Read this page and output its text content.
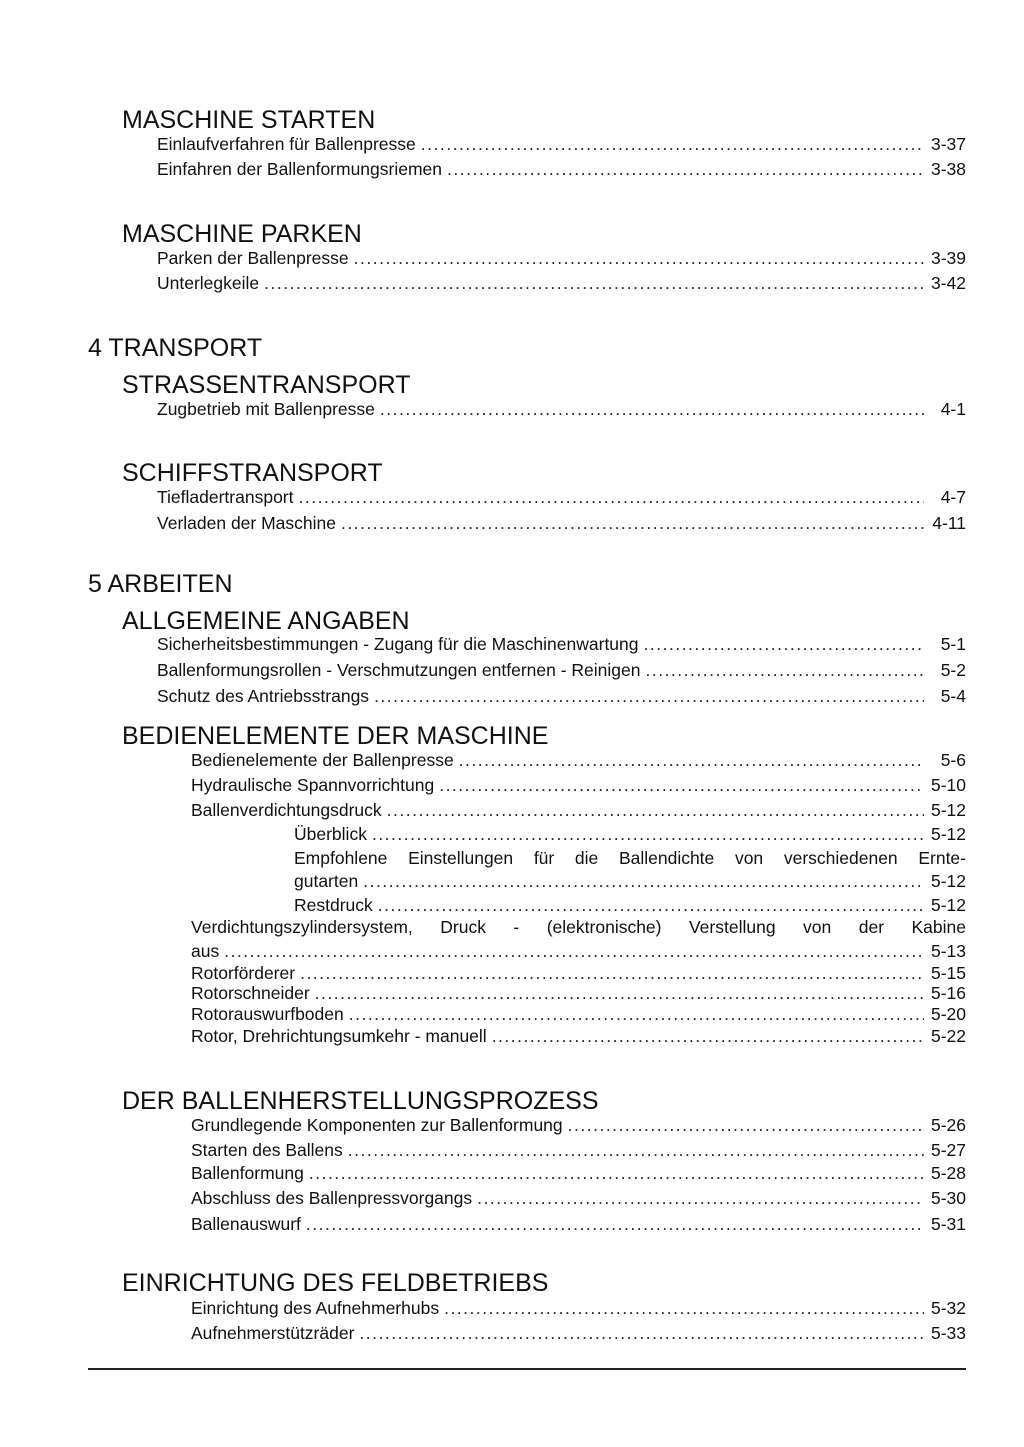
MASCHINE STARTEN
Einlaufverfahren für Ballenpresse .....	3-37
Einfahren der Ballenformungsriemen .....	3-38
MASCHINE PARKEN
Parken der Ballenpresse .....	3-39
Unterlegkeile .....	3-42
4 TRANSPORT
STRASSENTRANSPORT
Zugbetrieb mit Ballenpresse .....	4-1
SCHIFFSTRANSPORT
Tiefladertransport .....	4-7
Verladen der Maschine .....	4-11
5 ARBEITEN
ALLGEMEINE ANGABEN
Sicherheitsbestimmungen - Zugang für die Maschinenwartung .....	5-1
Ballenformungsrollen - Verschmutzungen entfernen - Reinigen .....	5-2
Schutz des Antriebsstrangs .....	5-4
BEDIENELEMENTE DER MASCHINE
Bedienelemente der Ballenpresse .....	5-6
Hydraulische Spannvorrichtung .....	5-10
Ballenverdichtungsdruck .....	5-12
Überblick .....	5-12
Empfohlene Einstellungen für die Ballendichte von verschiedenen Ernte-
gutarten .....	5-12
Restdruck .....	5-12
Verdichtungszylindersystem, Druck - (elektronische) Verstellung von der Kabine
aus .....	5-13
Rotorförderer .....	5-15
Rotorschneider .....	5-16
Rotorauswurfboden .....	5-20
Rotor, Drehrichtungsumkehr - manuell .....	5-22
DER BALLENHERSTELLUNGSPROZESS
Grundlegende Komponenten zur Ballenformung .....	5-26
Starten des Ballens .....	5-27
Ballenformung .....	5-28
Abschluss des Ballenpressvorgangs .....	5-30
Ballenauswurf .....	5-31
EINRICHTUNG DES FELDBETRIEBS
Einrichtung des Aufnehmerhubs .....	5-32
Aufnehmerstützräder .....	5-33
